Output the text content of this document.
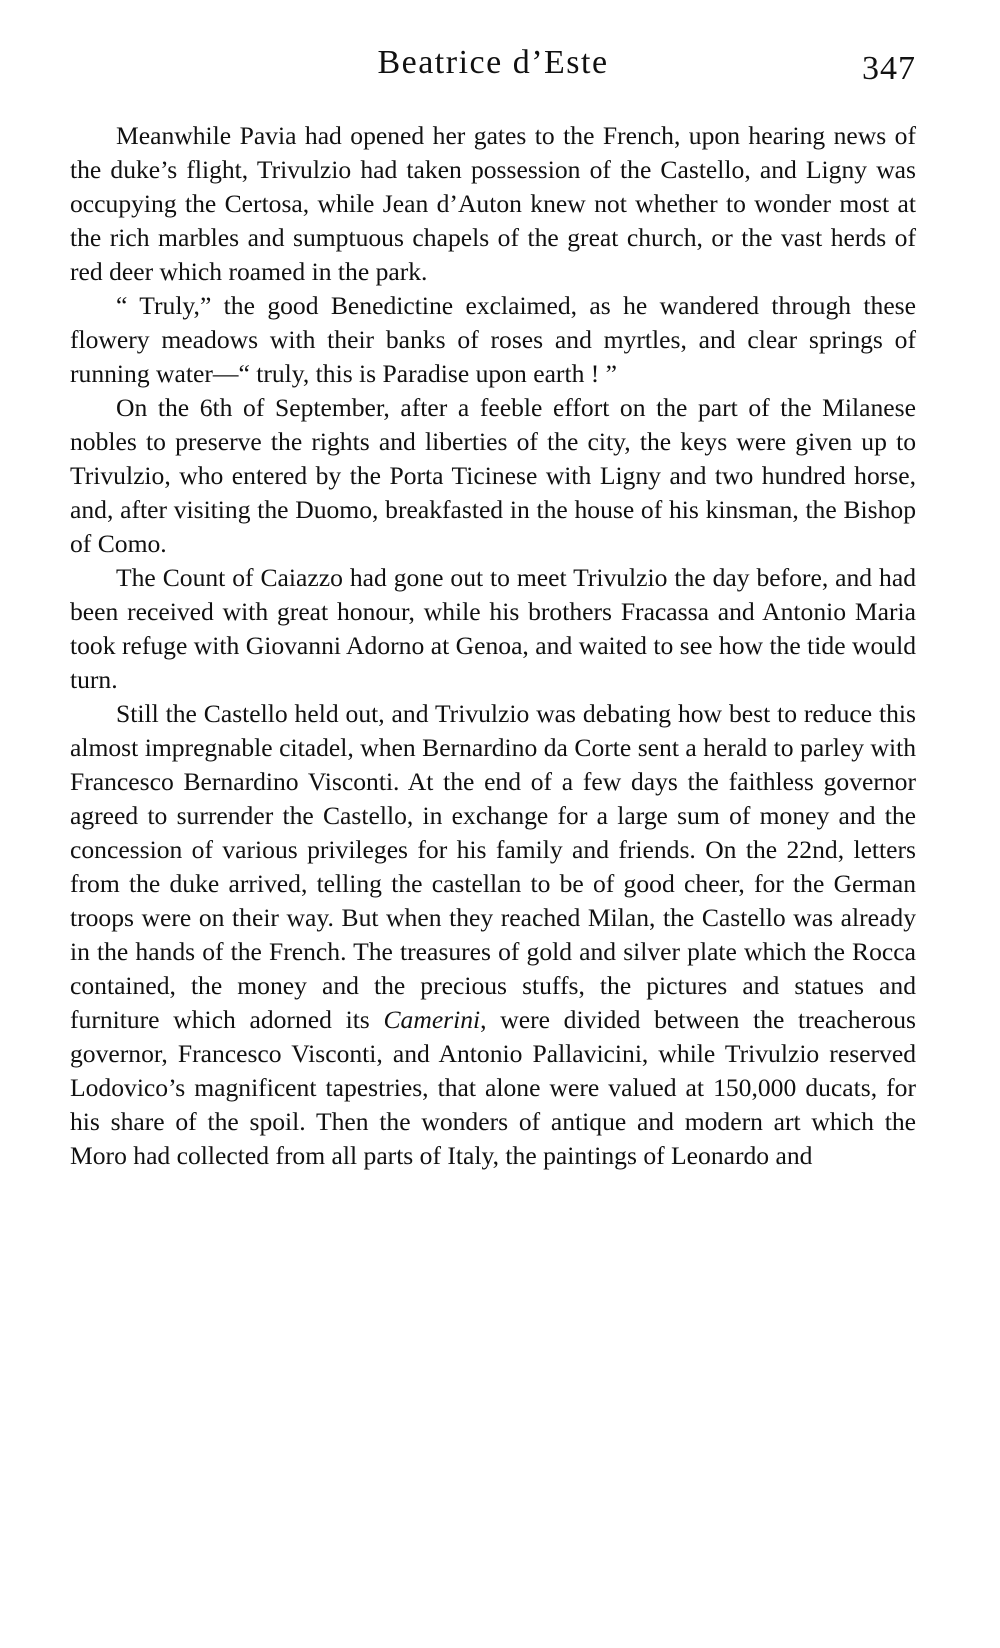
Beatrice d’Este	347

Meanwhile Pavia had opened her gates to the French, upon hearing news of the duke’s flight, Trivulzio had taken possession of the Castello, and Ligny was occupying the Certosa, while Jean d’Auton knew not whether to wonder most at the rich marbles and sumptuous chapels of the great church, or the vast herds of red deer which roamed in the park.

“ Truly,” the good Benedictine exclaimed, as he wandered through these flowery meadows with their banks of roses and myrtles, and clear springs of running water—“ truly, this is Paradise upon earth ! ”

On the 6th of September, after a feeble effort on the part of the Milanese nobles to preserve the rights and liberties of the city, the keys were given up to Trivulzio, who entered by the Porta Ticinese with Ligny and two hundred horse, and, after visiting the Duomo, breakfasted in the house of his kinsman, the Bishop of Como.

The Count of Caiazzo had gone out to meet Trivulzio the day before, and had been received with great honour, while his brothers Fracassa and Antonio Maria took refuge with Giovanni Adorno at Genoa, and waited to see how the tide would turn.

Still the Castello held out, and Trivulzio was debating how best to reduce this almost impregnable citadel, when Bernardino da Corte sent a herald to parley with Francesco Bernardino Visconti. At the end of a few days the faithless governor agreed to surrender the Castello, in exchange for a large sum of money and the concession of various privileges for his family and friends. On the 22nd, letters from the duke arrived, telling the castellan to be of good cheer, for the German troops were on their way. But when they reached Milan, the Castello was already in the hands of the French. The treasures of gold and silver plate which the Rocca contained, the money and the precious stuffs, the pictures and statues and furniture which adorned its Camerini, were divided between the treacherous governor, Francesco Visconti, and Antonio Pallavicini, while Trivulzio reserved Lodovico’s magnificent tapestries, that alone were valued at 150,000 ducats, for his share of the spoil. Then the wonders of antique and modern art which the Moro had collected from all parts of Italy, the paintings of Leonardo and
